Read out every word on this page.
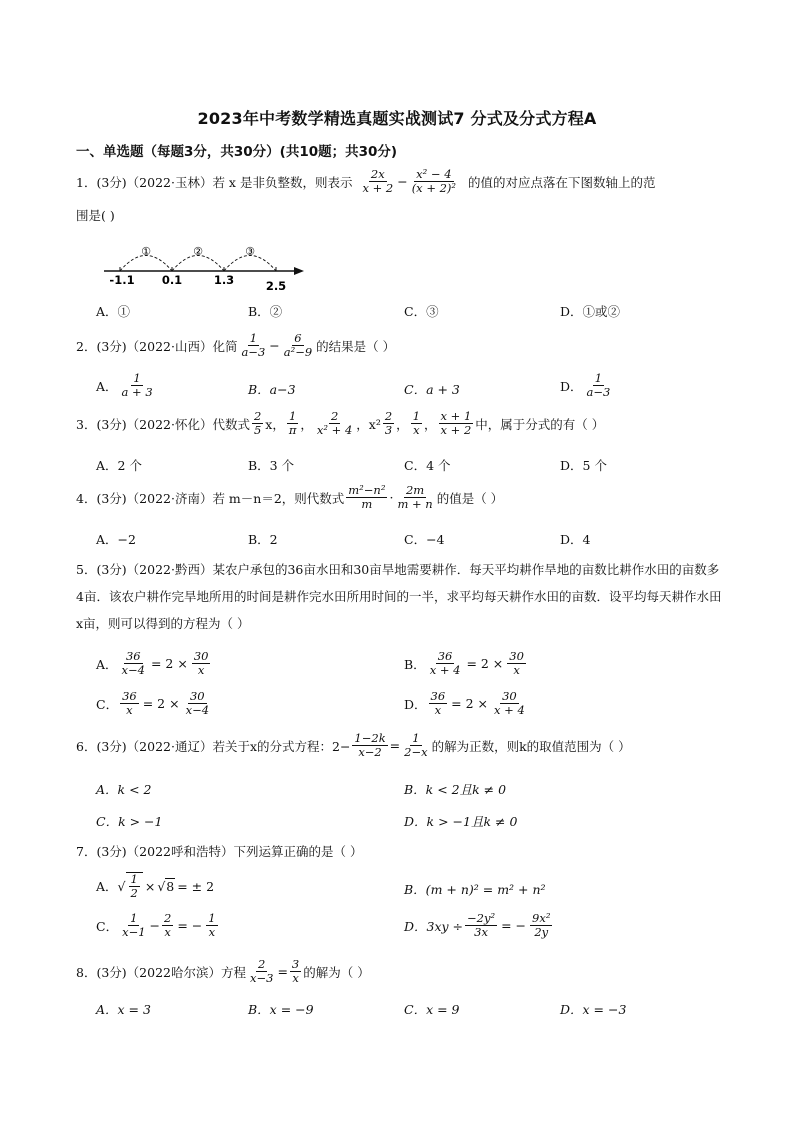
2023年中考数学精选真题实战测试7 分式及分式方程A
一、单选题（每题3分，共30分）(共10题；共30分)
1．(3分)（2022·玉林）若 x 是非负整数，则表示 $\frac{2x}{x + 2} - \frac{\text{x² − 4}}{\text{(x + 2)²}}$ 的值的对应点落在下图数轴上的范
围是( )
①	②	③
-1.1 0.1	1.3	2.5
A．①	B．②	C．③	D．①或②
2．(3分)（2022·山西）化简 $\frac{1}{a-3} - \frac{6}{\text{a²−9}}$ 的结果是（ ）
A． $\frac{1}{a + 3}$	B．a−3	C．a + 3	D． $\frac{1}{a-3}$
3．(3分)（2022·怀化）代数式 $\frac{2}{5}$ x， $\frac{1}{\pi}$ ， $\frac{2}{\text{x² + 4}}$ ，$x^2 \frac{2}{3}$ ， $\frac{1}{x}$ ， $\frac{x + 1}{x + 2}$ 中，属于分式的有（ ）
A．2 个	B．3 个	C．4 个	D．5 个
4．(3分)（2022·济南）若 m－n＝2，则代数式 $\frac{\text{m²−n²}}{m} \cdot \frac{2m}{m + n}$ 的值是（ ）
A．−2	B．2	C．−4	D．4
5．(3分)（2022·黔西）某农户承包的36亩水田和30亩旱地需要耕作．每天平均耕作旱地的亩数比耕作水田的亩数多4亩．该农户耕作完旱地所用的时间是耕作完水田所用时间的一半，求平均每天耕作水田的亩数．设平均每天耕作水田x亩，则可以得到的方程为（ ）
A． $\frac{36}{x-4} = 2 \times \frac{30}{x}$	B． $\frac{36}{x + 4} = 2 \times \frac{30}{x}$
C． $\frac{36}{x} = 2 \times \frac{30}{x-4}$	D． $\frac{36}{x} = 2 \times \frac{30}{x + 4}$
6．(3分)（2022·通辽）若关于x的分式方程：$2- \frac{1-2k}{x-2} = \frac{1}{2-x}$ 的解为正数，则k的取值范围为（ ）
A．k < 2	B．k < 2且k ≠ 0
C．k > −1	D．k > −1且k ≠ 0
7．(3分)（2022呼和浩特）下列运算正确的是（ ）
A． √ $\frac{1}{2}$ × √ 8 = ± 2	B．(m + n)² = m² + n²
C． $\frac{1}{x-1} - \frac{2}{x}$ = − $\frac{1}{x}$	D．$3xy \div \frac{\text{−2y²}}{3x}$ = − $\frac{\text{9x²}}{2y}$
8．(3分)（2022哈尔滨）方程 $\frac{2}{x-3} = \frac{3}{x}$ 的解为（ ）
A．x = 3	B．x = −9	C．x = 9	D．x = −3
